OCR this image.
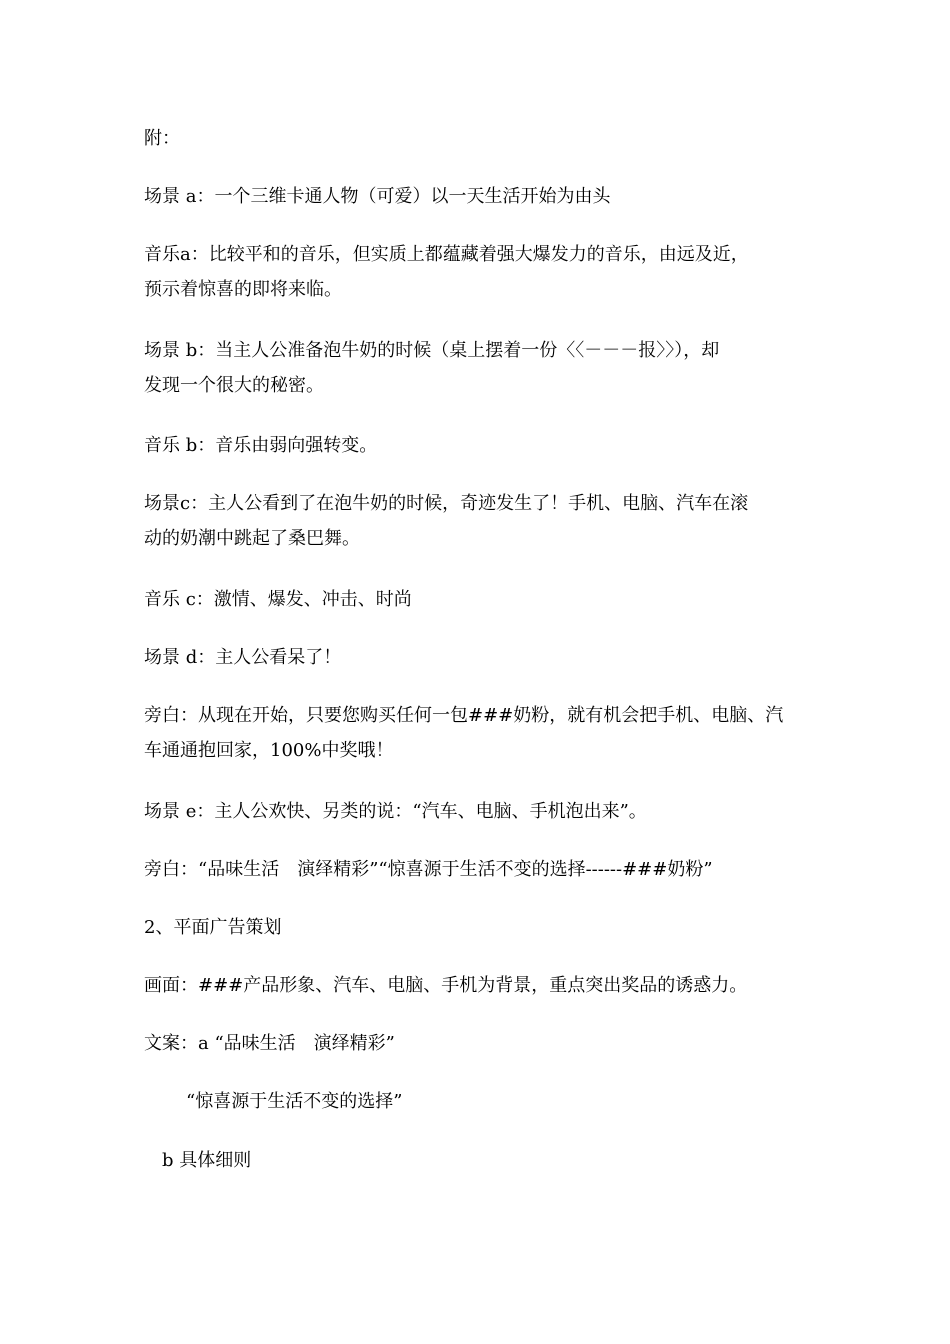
附：

场景 a：一个三维卡通人物（可爱）以一天生活开始为由头

音乐a：比较平和的音乐，但实质上都蕴藏着强大爆发力的音乐，由远及近，
预示着惊喜的即将来临。

场景 b：当主人公准备泡牛奶的时候（桌上摆着一份〈〈－－－报〉〉），却
发现一个很大的秘密。

音乐 b：音乐由弱向强转变。

场景c：主人公看到了在泡牛奶的时候，奇迹发生了！手机、电脑、汽车在滚
动的奶潮中跳起了桑巴舞。

音乐 c：激情、爆发、冲击、时尚

场景 d：主人公看呆了！

旁白：从现在开始，只要您购买任何一包###奶粉，就有机会把手机、电脑、汽
车通通抱回家，100%中奖哦！

场景 e：主人公欢快、另类的说：“汽车、电脑、手机泡出来”。

旁白：“品味生活　演绎精彩”“惊喜源于生活不变的选择------###奶粉”

2、平面广告策划

画面：###产品形象、汽车、电脑、手机为背景，重点突出奖品的诱惑力。

文案：a “品味生活　演绎精彩”

“惊喜源于生活不变的选择”

b 具体细则
